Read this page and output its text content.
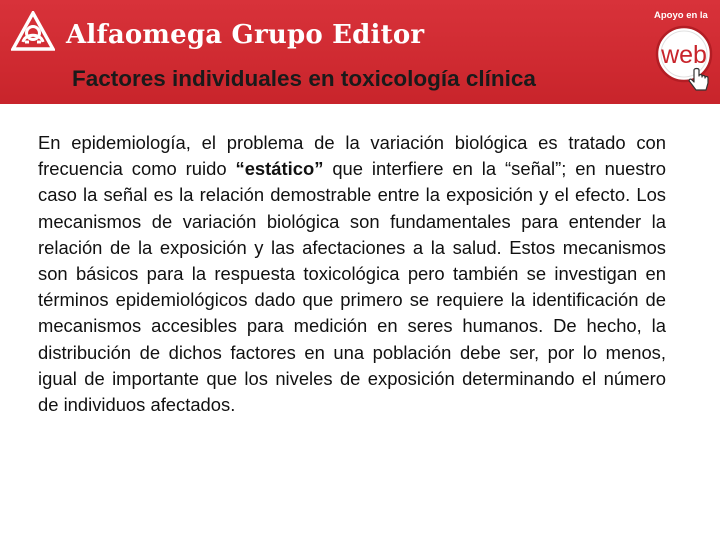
Alfaomega Grupo Editor
Apoyo en la
web
Factores individuales en toxicología clínica

En epidemiología, el problema de la variación biológica es tratado con frecuencia como ruido “estático” que interfiere en la “señal”; en nuestro caso la señal es la relación demostrable entre la exposición y el efecto. Los mecanismos de variación biológica son fundamentales para entender la relación de la exposición y las afectaciones a la salud. Estos mecanismos son básicos para la respuesta toxicológica pero también se investigan en términos epidemiológicos dado que primero se requiere la identificación de mecanismos accesibles para medición en seres humanos. De hecho, la distribución de dichos factores en una población debe ser, por lo menos, igual de importante que los niveles de exposición determinando el número de individuos afectados.
